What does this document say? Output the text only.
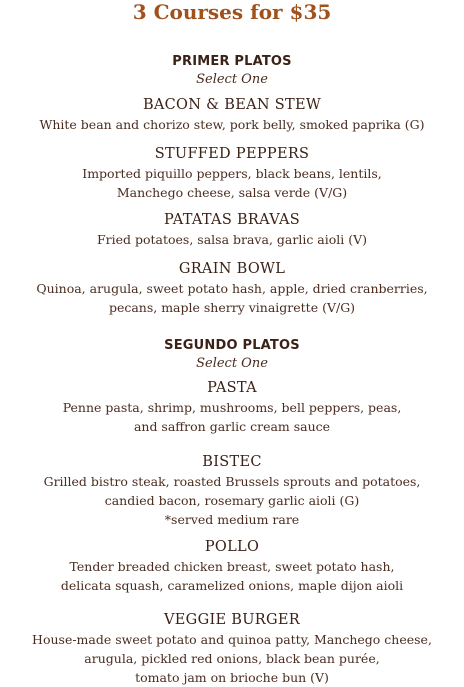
3 Courses for $35
PRIMER PLATOS
Select One
BACON & BEAN STEW
White bean and chorizo stew, pork belly, smoked paprika (G)
STUFFED PEPPERS
Imported piquillo peppers, black beans, lentils,
Manchego cheese, salsa verde (V/G)
PATATAS BRAVAS
Fried potatoes, salsa brava, garlic aioli (V)
GRAIN BOWL
Quinoa, arugula, sweet potato hash, apple, dried cranberries,
pecans, maple sherry vinaigrette (V/G)
SEGUNDO PLATOS
Select One
PASTA
Penne pasta, shrimp, mushrooms, bell peppers, peas,
and saffron garlic cream sauce
BISTEC
Grilled bistro steak, roasted Brussels sprouts and potatoes,
candied bacon, rosemary garlic aioli (G)
*served medium rare
POLLO
Tender breaded chicken breast, sweet potato hash,
delicata squash, caramelized onions, maple dijon aioli
VEGGIE BURGER
House-made sweet potato and quinoa patty, Manchego cheese,
arugula, pickled red onions, black bean purée,
tomato jam on brioche bun (V)
